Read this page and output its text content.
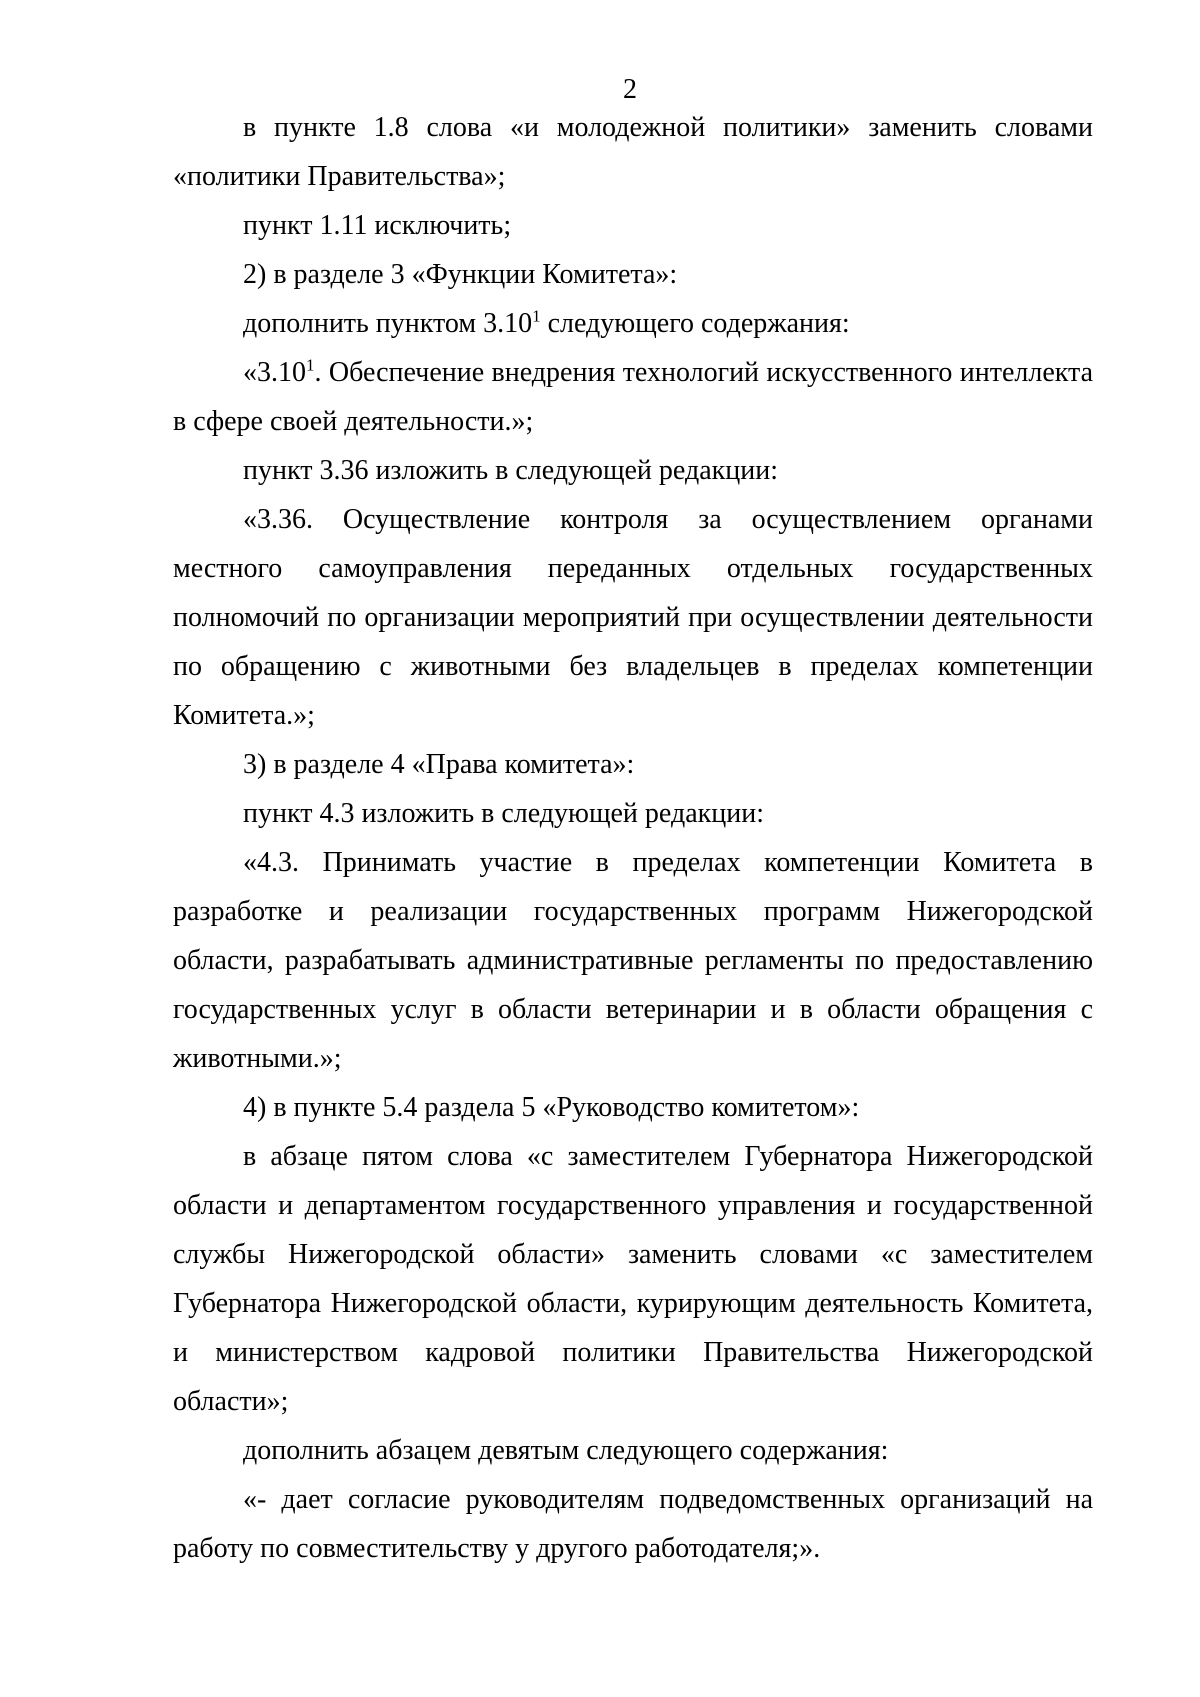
2

в пункте 1.8 слова «и молодежной политики» заменить словами «политики Правительства»;

пункт 1.11 исключить;

2) в разделе 3 «Функции Комитета»:

дополнить пунктом 3.10$^1$ следующего содержания:

«3.10$^1$. Обеспечение внедрения технологий искусственного интеллекта в сфере своей деятельности.»;

пункт 3.36 изложить в следующей редакции:

«3.36. Осуществление контроля за осуществлением органами местного самоуправления переданных отдельных государственных полномочий по организации мероприятий при осуществлении деятельности по обращению с животными без владельцев в пределах компетенции Комитета.»;

3) в разделе 4 «Права комитета»:

пункт 4.3 изложить в следующей редакции:

«4.3. Принимать участие в пределах компетенции Комитета в разработке и реализации государственных программ Нижегородской области, разрабатывать административные регламенты по предоставлению государственных услуг в области ветеринарии и в области обращения с животными.»;

4) в пункте 5.4 раздела 5 «Руководство комитетом»:

в абзаце пятом слова «с заместителем Губернатора Нижегородской области и департаментом государственного управления и государственной службы Нижегородской области» заменить словами «с заместителем Губернатора Нижегородской области, курирующим деятельность Комитета, и министерством кадровой политики Правительства Нижегородской области»;

дополнить абзацем девятым следующего содержания:

«- дает согласие руководителям подведомственных организаций на работу по совместительству у другого работодателя;».
